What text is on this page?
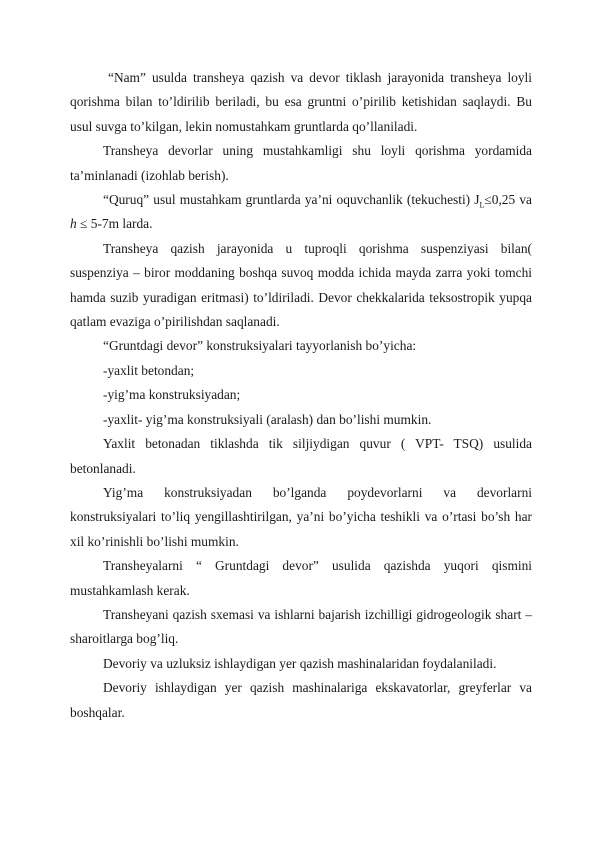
“Nam” usulda transheya qazish va devor tiklash jarayonida transheya loyli qorishma bilan to’ldirilib beriladi, bu esa gruntni o’pirilib ketishidan saqlaydi. Bu usul suvga to’kilgan, lekin nomustahkam gruntlarda qo’llaniladi.

Transheya devorlar uning mustahkamligi shu loyli qorishma yordamida ta’minlanadi (izohlab berish).

“Quruq” usul mustahkam gruntlarda ya’ni oquvchanlik (tekuchesti) $J_L\le 0,25$ va h ≤ 5-7m larda.

Transheya qazish jarayonida u tuproqli qorishma suspenziyasi bilan( suspenziya – biror moddaning boshqa suvoq modda ichida mayda zarra yoki tomchi hamda suzib yuradigan eritmasi) to’ldiriladi. Devor chekkalarida teksostropik yupqa qatlam evaziga o’pirilishdan saqlanadi.

“Gruntdagi devor” konstruksiyalari tayyorlanish bo’yicha:

-yaxlit betondan;

-yig’ma konstruksiyadan;

-yaxlit- yig’ma konstruksiyali (aralash) dan bo’lishi mumkin.

Yaxlit betonadan tiklashda tik siljiydigan quvur ( VPT- TSQ) usulida betonlanadi.

Yig’ma konstruksiyadan bo’lganda poydevorlarni va devorlarni konstruksiyalari to’liq yengillashtirilgan, ya’ni bo’yicha teshikli va o’rtasi bo’sh har xil ko’rinishli bo’lishi mumkin.

Transheyalarni “ Gruntdagi devor” usulida qazishda yuqori qismini mustahkamlash kerak.

Transheyani qazish sxemasi va ishlarni bajarish izchilligi gidrogeologik shart –sharoitlarga bog’liq.

Devoriy va uzluksiz ishlaydigan yer qazish mashinalaridan foydalaniladi.

Devoriy ishlaydigan yer qazish mashinalariga ekskavatorlar, greyferlar va boshqalar.
